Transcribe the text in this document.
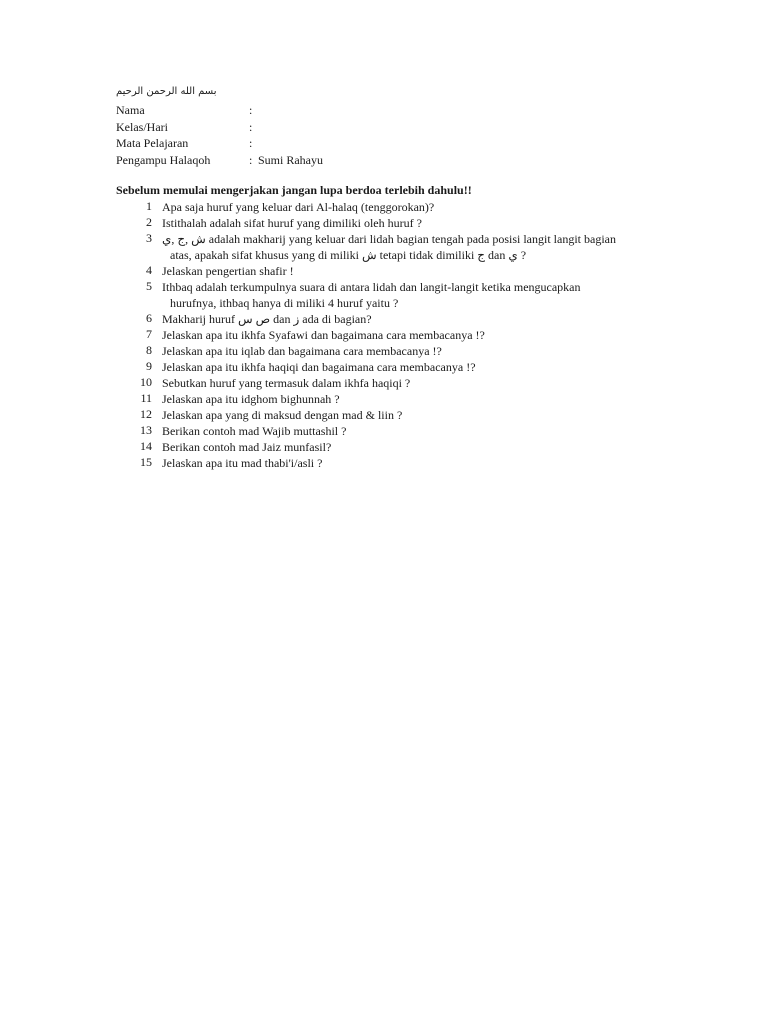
بسم الله الرحمن الرحيم
Nama	:
Kelas/Hari	:
Mata Pelajaran	:
Pengampu Halaqoh	: Sumi Rahayu
Sebelum memulai mengerjakan jangan lupa berdoa terlebih dahulu!!
1 Apa saja huruf yang keluar dari Al-halaq (tenggorokan)?
2 Istithalah adalah sifat huruf yang dimiliki oleh huruf ?
3 ش ,ج ,ي adalah makharij yang keluar dari lidah bagian tengah pada posisi langit langit bagian
atas, apakah sifat khusus yang di miliki ش tetapi tidak dimiliki ج dan ي ?
4 Jelaskan pengertian shafir !
5 Ithbaq adalah terkumpulnya suara di antara lidah dan langit-langit ketika mengucapkan
hurufnya, ithbaq hanya di miliki 4 huruf yaitu ?
6 Makharij huruf ص س dan ز ada di bagian?
7 Jelaskan apa itu ikhfa Syafawi dan bagaimana cara membacanya !?
8 Jelaskan apa itu iqlab dan bagaimana cara membacanya !?
9 Jelaskan apa itu ikhfa haqiqi dan bagaimana cara membacanya !?
10 Sebutkan huruf yang termasuk dalam ikhfa haqiqi ?
11 Jelaskan apa itu idghom bighunnah ?
12 Jelaskan apa yang di maksud dengan mad & liin ?
13 Berikan contoh mad Wajib muttashil ?
14 Berikan contoh mad Jaiz munfasil?
15 Jelaskan apa itu mad thabi'i/asli ?
